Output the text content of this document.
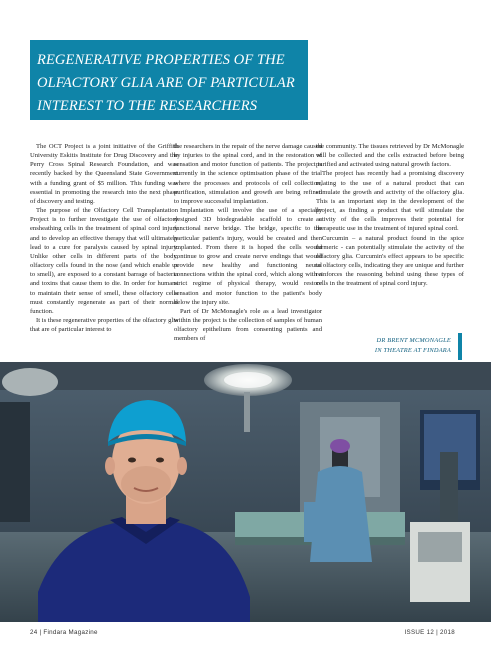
REGENERATIVE PROPERTIES OF THE
OLFACTORY GLIA ARE OF PARTICULAR
INTEREST TO THE RESEARCHERS

The OCT Project is a joint initiative of the Griffith University Eskitis Institute for Drug Discovery and the Perry Cross Spinal Research Foundation, and was recently backed by the Queensland State Government with a funding grant of $5 million. This funding was essential in promoting the research into the next phase of discovery and testing.

The purpose of the Olfactory Cell Transplantation Project is to further investigate the use of olfactory ensheathing cells in the treatment of spinal cord injury and to develop an effective therapy that will ultimately lead to a cure for paralysis caused by spinal injury. Unlike other cells in different parts of the body, olfactory cells found in the nose (and which enable us to smell), are exposed to a constant barrage of bacteria and toxins that cause them to die. In order for humans to maintain their sense of smell, these olfactory cells must constantly regenerate as part of their normal function.

It is these regenerative properties of the olfactory glia that are of particular interest to

the researchers in the repair of the nerve damage caused by injuries to the spinal cord, and in the restoration of sensation and motor function of patients. The project is currently in the science optimisation phase of the trial where the processes and protocols of cell collection, purification, stimulation and growth are being refined to improve successful implantation.

Implantation will involve the use of a specially designed 3D biodegradable scaffold to create a functional nerve bridge. The bridge, specific to the particular patient's injury, would be created and then implanted. From there it is hoped the cells would continue to grow and create nerve endings that would provide new healthy and functioning neural connections within the spinal cord, which along with a strict regime of physical therapy, would restore sensation and motor function to the patient's body below the injury site.

Part of Dr McMonagle's role as a lead investigator within the project is the collection of samples of human olfactory epithelium from consenting patients and members of

the community. The tissues retrieved by Dr McMonagle will be collected and the cells extracted before being purified and activated using natural growth factors.

The project has recently had a promising discovery relating to the use of a natural product that can stimulate the growth and activity of the olfactory glia. This is an important step in the development of the project, as finding a product that will stimulate the activity of the cells improves their potential for therapeutic use in the treatment of injured spinal cord.

Curcumin – a natural product found in the spice turmeric - can potentially stimulate the activity of the olfactory glia. Curcumin's effect appears to be specific to olfactory cells, indicating they are unique and further reinforces the reasoning behind using these types of cells in the treatment of spinal cord injury.

DR BRENT MCMONAGLE
IN THEATRE AT FINDARA
24 | Findara Magazine	ISSUE 12 | 2018
